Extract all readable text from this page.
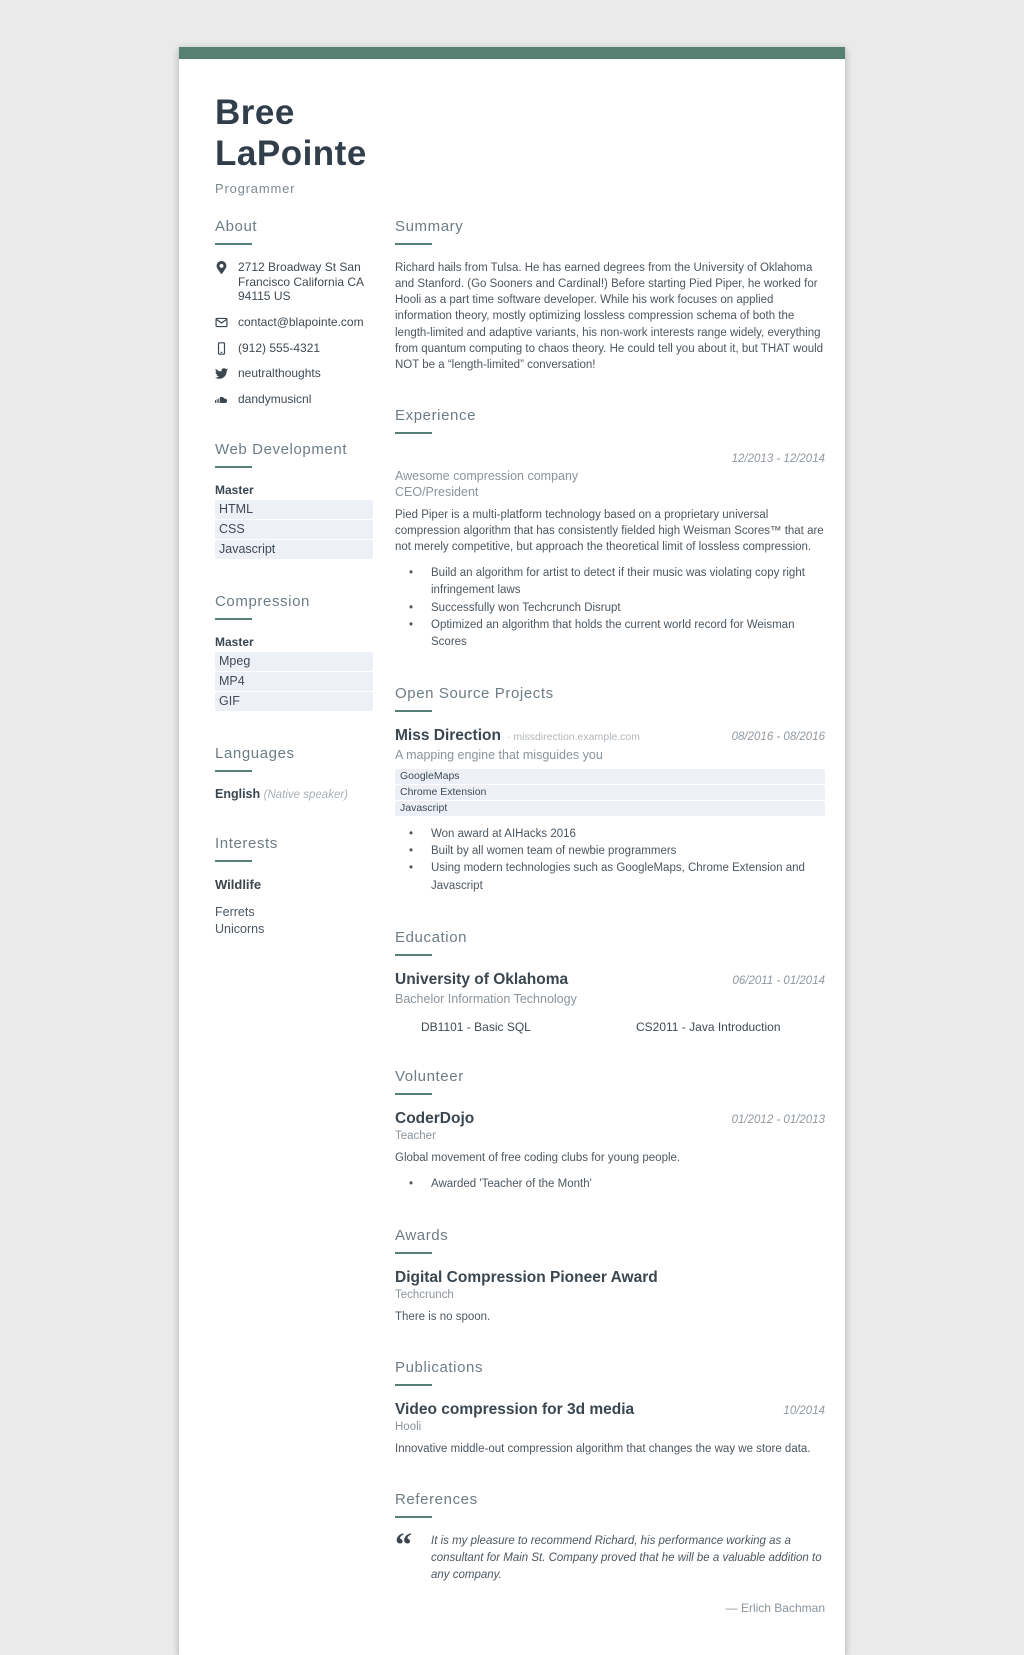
Bree
LaPointe
Programmer
About
2712 Broadway St San Francisco California CA 94115 US
contact@blapointe.com
(912) 555-4321
neutralthoughts
dandymusicnl
Web Development
Master
HTML
CSS
Javascript
Compression
Master
Mpeg
MP4
GIF
Languages
English (Native speaker)
Interests
Wildlife
Ferrets
Unicorns
Summary

Richard hails from Tulsa. He has earned degrees from the University of Oklahoma and Stanford. (Go Sooners and Cardinal!) Before starting Pied Piper, he worked for Hooli as a part time software developer. While his work focuses on applied information theory, mostly optimizing lossless compression schema of both the length-limited and adaptive variants, his non-work interests range widely, everything from quantum computing to chaos theory. He could tell you about it, but THAT would NOT be a “length-limited” conversation!

Experience
12/2013 - 12/2014
Awesome compression company
CEO/President

Pied Piper is a multi-platform technology based on a proprietary universal compression algorithm that has consistently fielded high Weisman Scores™ that are not merely competitive, but approach the theoretical limit of lossless compression.

•
Build an algorithm for artist to detect if their music was violating copy right infringement laws
•
Successfully won Techcrunch Disrupt
•
Optimized an algorithm that holds the current world record for Weisman Scores
Open Source Projects
Miss Direction	· missdirection.example.com	08/2016 - 08/2016
A mapping engine that misguides you
GoogleMaps
Chrome Extension
Javascript
•
Won award at AIHacks 2016
•
Built by all women team of newbie programmers
•
Using modern technologies such as GoogleMaps, Chrome Extension and Javascript
Education
University of Oklahoma	06/2011 - 01/2014
Bachelor Information Technology
DB1101 - Basic SQL	CS2011 - Java Introduction
Volunteer
CoderDojo	01/2012 - 01/2013
Teacher

Global movement of free coding clubs for young people.

•
Awarded 'Teacher of the Month'
Awards
Digital Compression Pioneer Award
Techcrunch

There is no spoon.

Publications
Video compression for 3d media	10/2014
Hooli

Innovative middle-out compression algorithm that changes the way we store data.

References
“	It is my pleasure to recommend Richard, his performance working as a consultant for Main St. Company proved that he will be a valuable addition to any company.
— Erlich Bachman
